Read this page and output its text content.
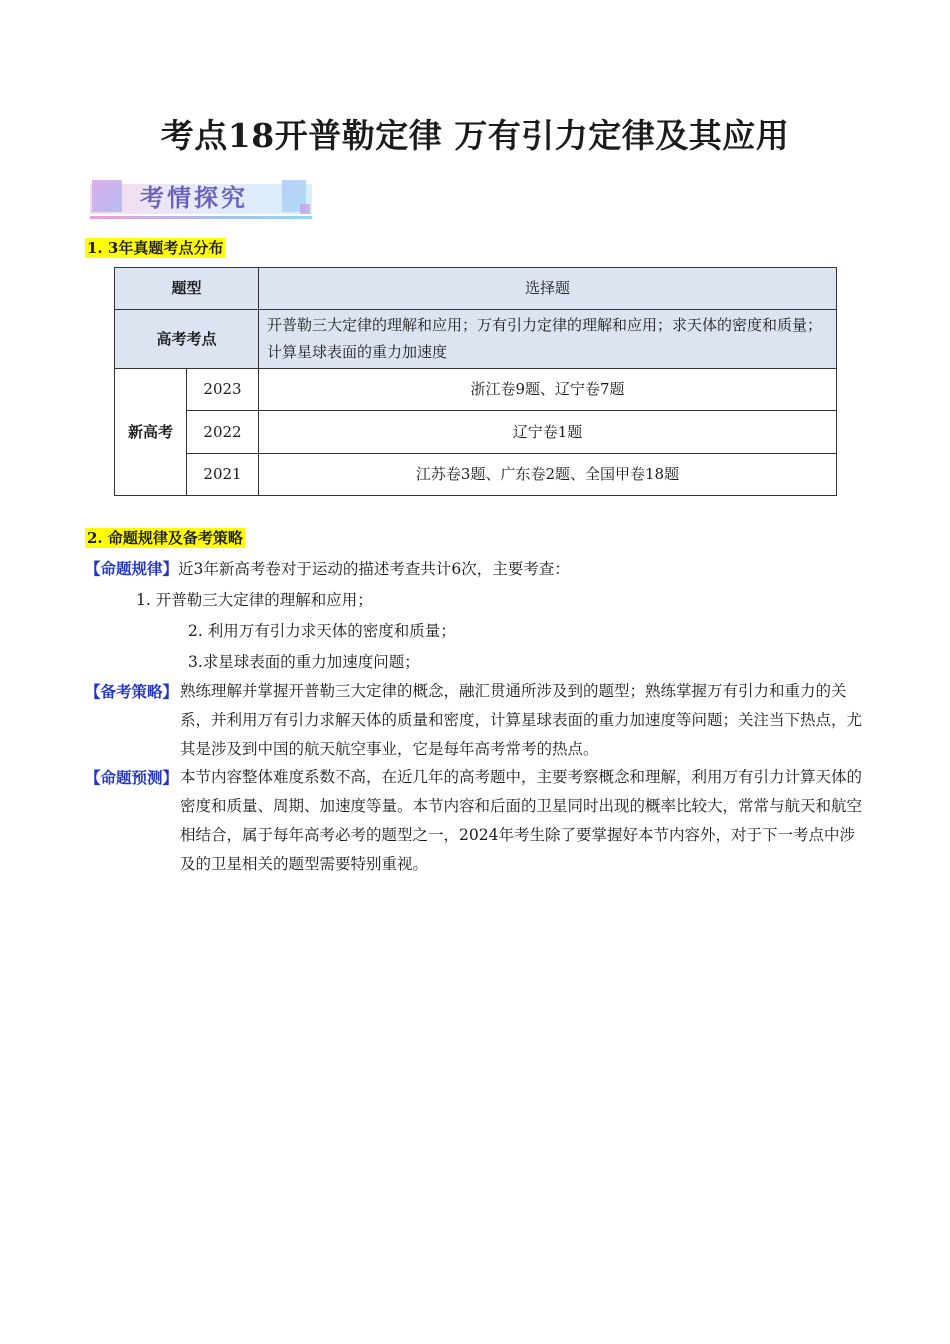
考点18开普勒定律 万有引力定律及其应用
考情探究
1. 3年真题考点分布
题型		选择题
高考考点		开普勒三大定律的理解和应用；万有引力定律的理解和应用；求天体的密度和质量；计算星球表面的重力加速度
新高考	2023	浙江卷9题、辽宁卷7题
	2022	辽宁卷1题
	2021	江苏卷3题、广东卷2题、全国甲卷18题
2. 命题规律及备考策略
【命题规律】近3年新高考卷对于运动的描述考查共计6次，主要考查：
1. 开普勒三大定律的理解和应用；
2. 利用万有引力求天体的密度和质量；
3.求星球表面的重力加速度问题；
【备考策略】 熟练理解并掌握开普勒三大定律的概念，融汇贯通所涉及到的题型；熟练掌握万有引力和重力的关系，并利用万有引力求解天体的质量和密度，计算星球表面的重力加速度等问题；关注当下热点，尤其是涉及到中国的航天航空事业，它是每年高考常考的热点。
【命题预测】 本节内容整体难度系数不高，在近几年的高考题中，主要考察概念和理解，利用万有引力计算天体的密度和质量、周期、加速度等量。本节内容和后面的卫星同时出现的概率比较大，常常与航天和航空相结合，属于每年高考必考的题型之一，2024年考生除了要掌握好本节内容外，对于下一考点中涉及的卫星相关的题型需要特别重视。
